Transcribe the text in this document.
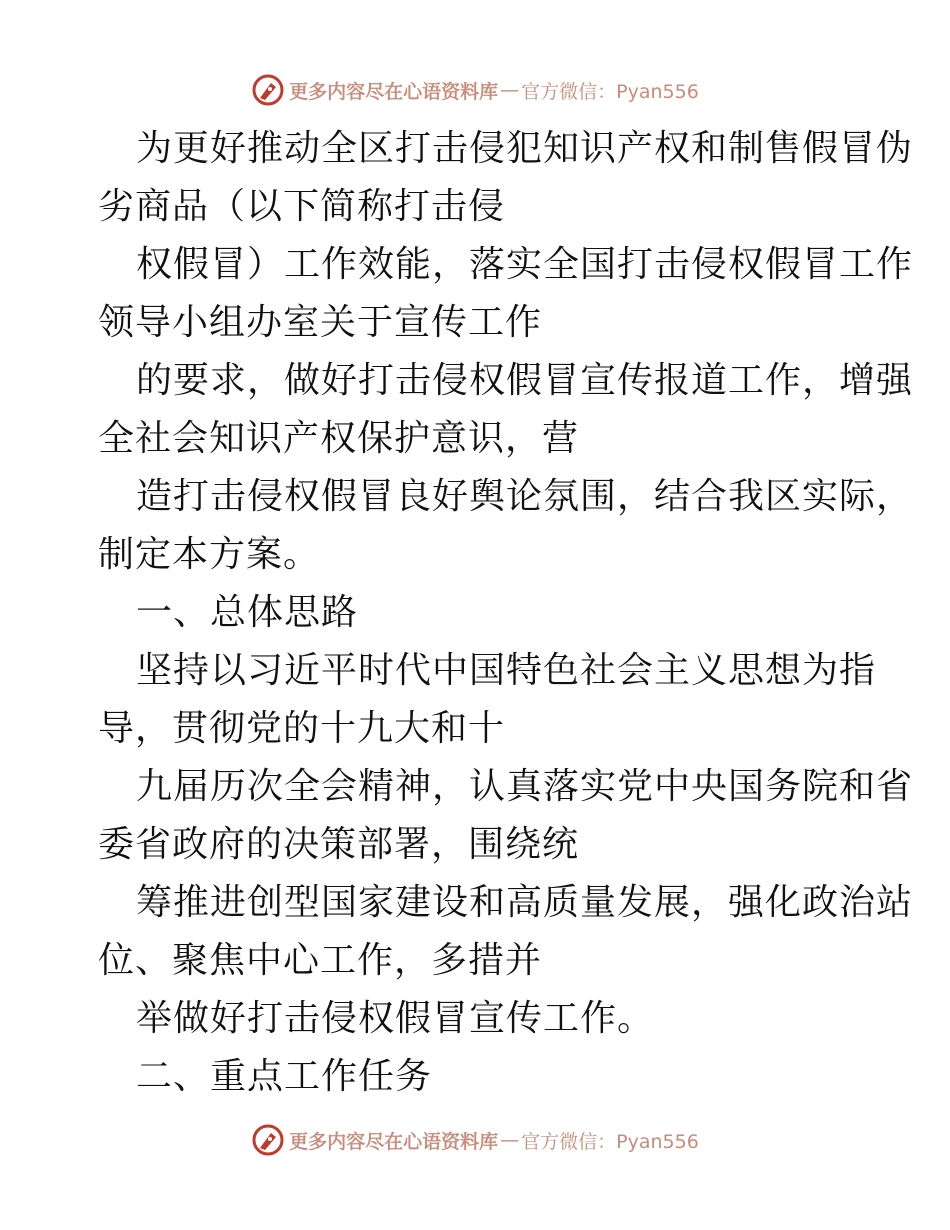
更多内容尽在心语资料库 — 官方微信：Pyan556
为更好推动全区打击侵犯知识产权和制售假冒伪
劣商品（以下简称打击侵
权假冒）工作效能，落实全国打击侵权假冒工作
领导小组办室关于宣传工作
的要求，做好打击侵权假冒宣传报道工作，增强
全社会知识产权保护意识，营
造打击侵权假冒良好舆论氛围，结合我区实际，
制定本方案。
一、总体思路
坚持以习近平时代中国特色社会主义思想为指
导，贯彻党的十九大和十
九届历次全会精神，认真落实党中央国务院和省
委省政府的决策部署，围绕统
筹推进创型国家建设和高质量发展，强化政治站
位、聚焦中心工作，多措并
举做好打击侵权假冒宣传工作。
二、重点工作任务
更多内容尽在心语资料库 — 官方微信：Pyan556
